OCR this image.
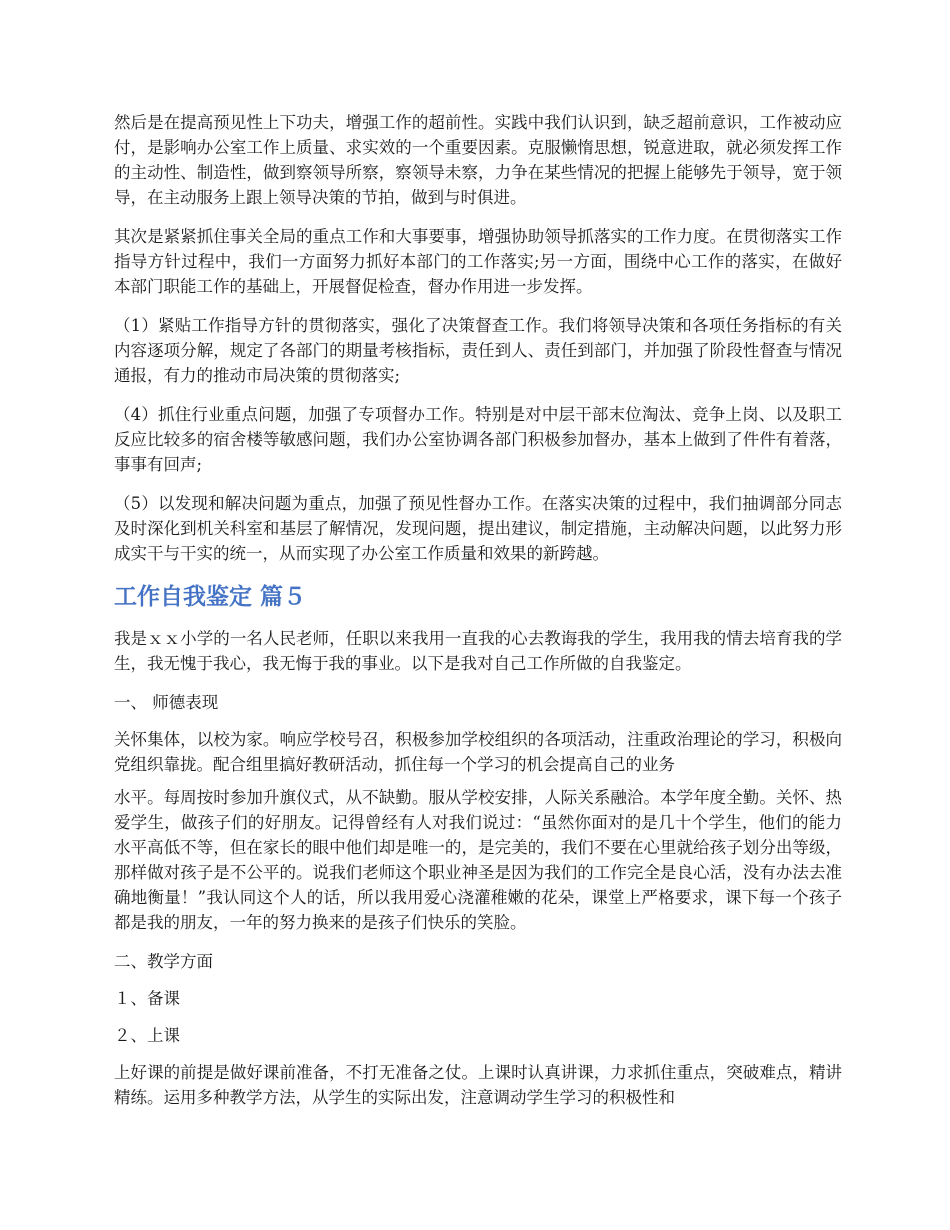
然后是在提高预见性上下功夫，增强工作的超前性。实践中我们认识到，缺乏超前意识，工作被动应付，是影响办公室工作上质量、求实效的一个重要因素。克服懒惰思想，锐意进取，就必须发挥工作的主动性、制造性，做到察领导所察，察领导未察，力争在某些情况的把握上能够先于领导，宽于领导，在主动服务上跟上领导决策的节拍，做到与时俱进。

其次是紧紧抓住事关全局的重点工作和大事要事，增强协助领导抓落实的工作力度。在贯彻落实工作指导方针过程中，我们一方面努力抓好本部门的工作落实;另一方面，围绕中心工作的落实，在做好本部门职能工作的基础上，开展督促检查，督办作用进一步发挥。

（1）紧贴工作指导方针的贯彻落实，强化了决策督查工作。我们将领导决策和各项任务指标的有关内容逐项分解，规定了各部门的期量考核指标，责任到人、责任到部门，并加强了阶段性督查与情况通报，有力的推动市局决策的贯彻落实;

（4）抓住行业重点问题，加强了专项督办工作。特别是对中层干部末位淘汰、竞争上岗、以及职工反应比较多的宿舍楼等敏感问题，我们办公室协调各部门积极参加督办，基本上做到了件件有着落，事事有回声;

（5）以发现和解决问题为重点，加强了预见性督办工作。在落实决策的过程中，我们抽调部分同志及时深化到机关科室和基层了解情况，发现问题，提出建议，制定措施，主动解决问题，以此努力形成实干与干实的统一，从而实现了办公室工作质量和效果的新跨越。

工作自我鉴定 篇５

我是ｘｘ小学的一名人民老师，任职以来我用一直我的心去教诲我的学生，我用我的情去培育我的学生，我无愧于我心，我无悔于我的事业。以下是我对自己工作所做的自我鉴定。

一、 师德表现

关怀集体，以校为家。响应学校号召，积极参加学校组织的各项活动，注重政治理论的学习，积极向党组织靠拢。配合组里搞好教研活动，抓住每一个学习的机会提高自己的业务

水平。每周按时参加升旗仪式，从不缺勤。服从学校安排，人际关系融洽。本学年度全勤。关怀、热爱学生，做孩子们的好朋友。记得曾经有人对我们说过：“虽然你面对的是几十个学生，他们的能力水平高低不等，但在家长的眼中他们却是唯一的，是完美的，我们不要在心里就给孩子划分出等级，那样做对孩子是不公平的。说我们老师这个职业神圣是因为我们的工作完全是良心活，没有办法去准确地衡量！”我认同这个人的话，所以我用爱心浇灌稚嫩的花朵，课堂上严格要求，课下每一个孩子都是我的朋友，一年的努力换来的是孩子们快乐的笑脸。

二、教学方面

１、备课

２、上课

上好课的前提是做好课前准备，不打无准备之仗。上课时认真讲课，力求抓住重点，突破难点，精讲精练。运用多种教学方法，从学生的实际出发，注意调动学生学习的积极性和
